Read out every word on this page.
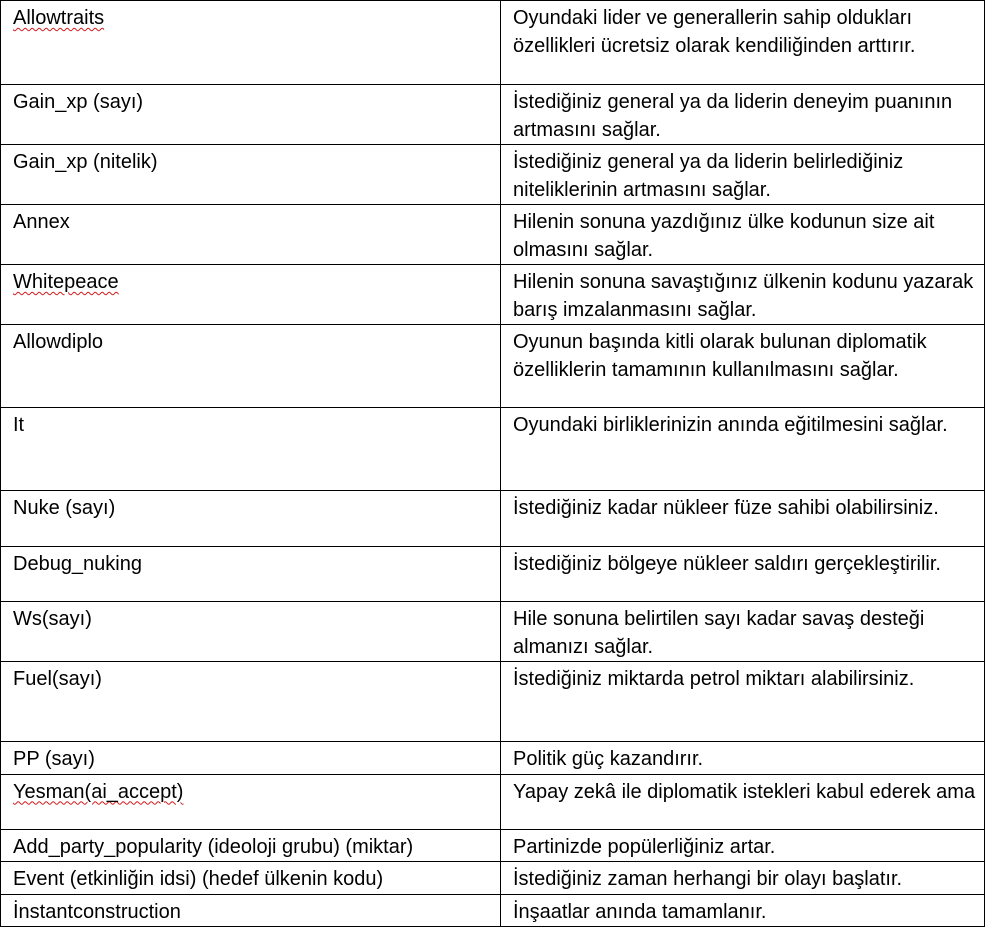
Allowtraits	Oyundaki lider ve generallerin sahip oldukları özellikleri ücretsiz olarak kendiliğinden arttırır.
Gain_xp (sayı)	İstediğiniz general ya da liderin deneyim puanının artmasını sağlar.
Gain_xp (nitelik)	İstediğiniz general ya da liderin belirlediğiniz niteliklerinin artmasını sağlar.
Annex	Hilenin sonuna yazdığınız ülke kodunun size ait olmasını sağlar.
Whitepeace	Hilenin sonuna savaştığınız ülkenin kodunu yazarak barış imzalanmasını sağlar.
Allowdiplo	Oyunun başında kitli olarak bulunan diplomatik özelliklerin tamamının kullanılmasını sağlar.
It	Oyundaki birliklerinizin anında eğitilmesini sağlar.
Nuke (sayı)	İstediğiniz kadar nükleer füze sahibi olabilirsiniz.
Debug_nuking	İstediğiniz bölgeye nükleer saldırı gerçekleştirilir.
Ws(sayı)	Hile sonuna belirtilen sayı kadar savaş desteği almanızı sağlar.
Fuel(sayı)	İstediğiniz miktarda petrol miktarı alabilirsiniz.
PP (sayı)	Politik güç kazandırır.
Yesman(ai_accept)	Yapay zekâ ile diplomatik istekleri kabul ederek ama
Add_party_popularity (ideoloji grubu) (miktar)	Partinizde popülerliğiniz artar.
Event (etkinliğin idsi) (hedef ülkenin kodu)	İstediğiniz zaman herhangi bir olayı başlatır.
İnstantconstruction	İnşaatlar anında tamamlanır.
